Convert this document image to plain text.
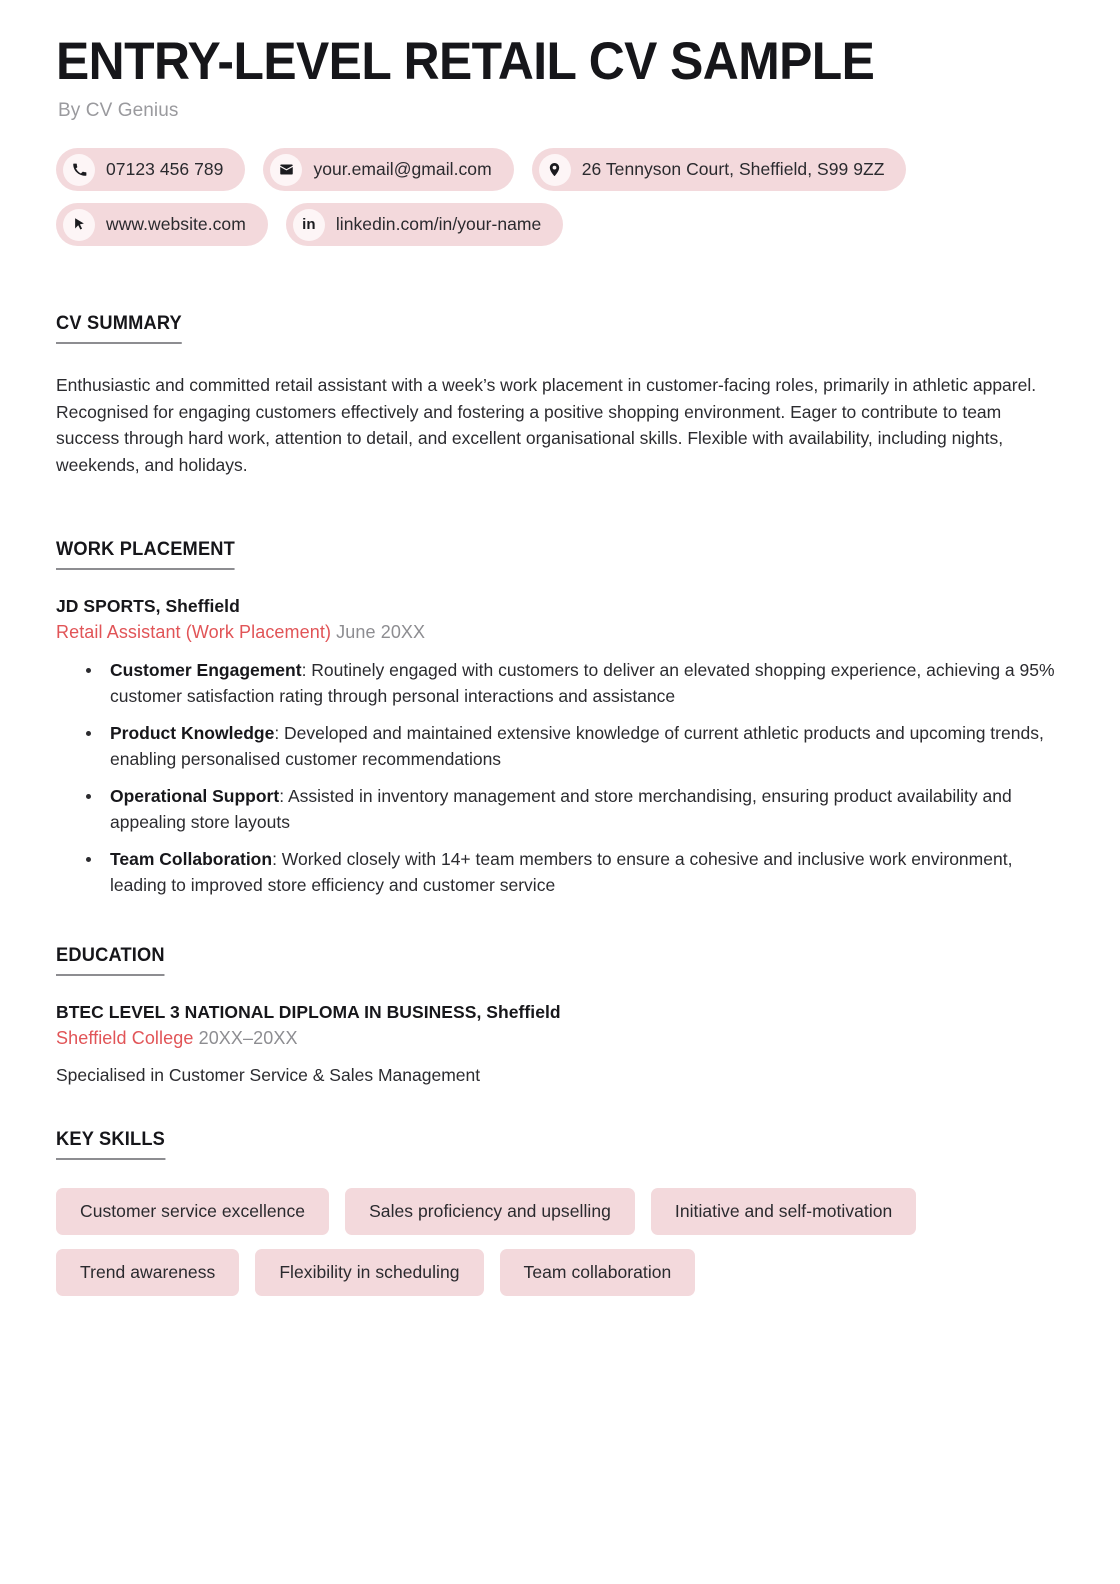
ENTRY-LEVEL RETAIL CV SAMPLE
By CV Genius
07123 456 789	your.email@gmail.com	26 Tennyson Court, Sheffield, S99 9ZZ
www.website.com	in linkedin.com/in/your-name
CV SUMMARY

Enthusiastic and committed retail assistant with a week’s work placement in customer-facing roles, primarily in athletic apparel. Recognised for engaging customers effectively and fostering a positive shopping environment. Eager to contribute to team success through hard work, attention to detail, and excellent organisational skills. Flexible with availability, including nights, weekends, and holidays.

WORK PLACEMENT
JD SPORTS, Sheffield
Retail Assistant (Work Placement) June 20XX
Customer Engagement: Routinely engaged with customers to deliver an elevated shopping experience, achieving a 95% customer satisfaction rating through personal interactions and assistance
Product Knowledge: Developed and maintained extensive knowledge of current athletic products and upcoming trends, enabling personalised customer recommendations
Operational Support: Assisted in inventory management and store merchandising, ensuring product availability and appealing store layouts
Team Collaboration: Worked closely with 14+ team members to ensure a cohesive and inclusive work environment, leading to improved store efficiency and customer service
EDUCATION
BTEC LEVEL 3 NATIONAL DIPLOMA IN BUSINESS, Sheffield
Sheffield College 20XX–20XX
Specialised in Customer Service & Sales Management
KEY SKILLS
Customer service excellence	Sales proficiency and upselling	Initiative and self-motivation
Trend awareness	Flexibility in scheduling	Team collaboration
